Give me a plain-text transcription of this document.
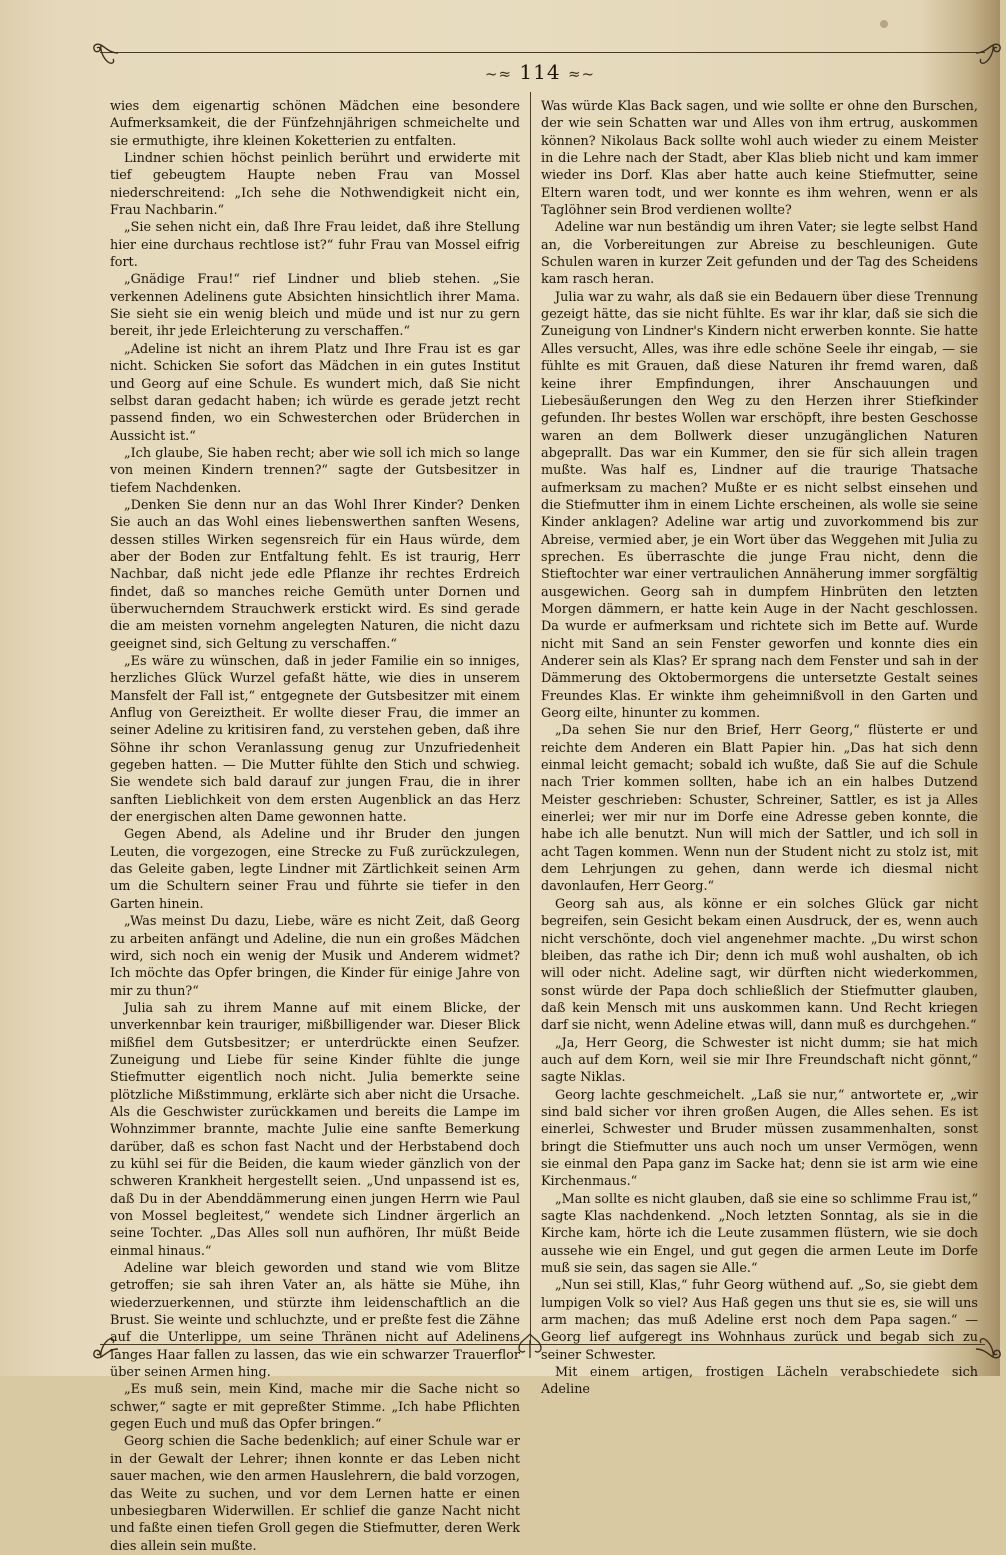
~≈ 114 ≈~

wies dem eigenartig schönen Mädchen eine besondere Aufmerksamkeit, die der Fünfzehnjährigen schmeichelte und sie ermuthigte, ihre kleinen Koketterien zu entfalten.

Lindner schien höchst peinlich berührt und erwiderte mit tief gebeugtem Haupte neben Frau van Mossel niederschreitend: „Ich sehe die Nothwendigkeit nicht ein, Frau Nachbarin.“

„Sie sehen nicht ein, daß Ihre Frau leidet, daß ihre Stellung hier eine durchaus rechtlose ist?“ fuhr Frau van Mossel eifrig fort.

„Gnädige Frau!“ rief Lindner und blieb stehen. „Sie verkennen Adelinens gute Absichten hinsichtlich ihrer Mama. Sie sieht sie ein wenig bleich und müde und ist nur zu gern bereit, ihr jede Erleichterung zu verschaffen.“

„Adeline ist nicht an ihrem Platz und Ihre Frau ist es gar nicht. Schicken Sie sofort das Mädchen in ein gutes Institut und Georg auf eine Schule. Es wundert mich, daß Sie nicht selbst daran gedacht haben; ich würde es gerade jetzt recht passend finden, wo ein Schwesterchen oder Brüderchen in Aussicht ist.“

„Ich glaube, Sie haben recht; aber wie soll ich mich so lange von meinen Kindern trennen?“ sagte der Gutsbesitzer in tiefem Nachdenken.

„Denken Sie denn nur an das Wohl Ihrer Kinder? Denken Sie auch an das Wohl eines liebenswerthen sanften Wesens, dessen stilles Wirken segensreich für ein Haus würde, dem aber der Boden zur Entfaltung fehlt. Es ist traurig, Herr Nachbar, daß nicht jede edle Pflanze ihr rechtes Erdreich findet, daß so manches reiche Gemüth unter Dornen und überwucherndem Strauchwerk erstickt wird. Es sind gerade die am meisten vornehm angelegten Naturen, die nicht dazu geeignet sind, sich Geltung zu verschaffen.“

„Es wäre zu wünschen, daß in jeder Familie ein so inniges, herzliches Glück Wurzel gefaßt hätte, wie dies in unserem Mansfelt der Fall ist,“ entgegnete der Gutsbesitzer mit einem Anflug von Gereiztheit. Er wollte dieser Frau, die immer an seiner Adeline zu kritisiren fand, zu verstehen geben, daß ihre Söhne ihr schon Veranlassung genug zur Unzufriedenheit gegeben hatten. — Die Mutter fühlte den Stich und schwieg. Sie wendete sich bald darauf zur jungen Frau, die in ihrer sanften Lieblichkeit von dem ersten Augenblick an das Herz der energischen alten Dame gewonnen hatte.

Gegen Abend, als Adeline und ihr Bruder den jungen Leuten, die vorgezogen, eine Strecke zu Fuß zurückzulegen, das Geleite gaben, legte Lindner mit Zärtlichkeit seinen Arm um die Schultern seiner Frau und führte sie tiefer in den Garten hinein.

„Was meinst Du dazu, Liebe, wäre es nicht Zeit, daß Georg zu arbeiten anfängt und Adeline, die nun ein großes Mädchen wird, sich noch ein wenig der Musik und Anderem widmet? Ich möchte das Opfer bringen, die Kinder für einige Jahre von mir zu thun?“

Julia sah zu ihrem Manne auf mit einem Blicke, der unverkennbar kein trauriger, mißbilligender war. Dieser Blick mißfiel dem Gutsbesitzer; er unterdrückte einen Seufzer. Zuneigung und Liebe für seine Kinder fühlte die junge Stiefmutter eigentlich noch nicht. Julia bemerkte seine plötzliche Mißstimmung, erklärte sich aber nicht die Ursache. Als die Geschwister zurückkamen und bereits die Lampe im Wohnzimmer brannte, machte Julie eine sanfte Bemerkung darüber, daß es schon fast Nacht und der Herbstabend doch zu kühl sei für die Beiden, die kaum wieder gänzlich von der schweren Krankheit hergestellt seien. „Und unpassend ist es, daß Du in der Abenddämmerung einen jungen Herrn wie Paul von Mossel begleitest,“ wendete sich Lindner ärgerlich an seine Tochter. „Das Alles soll nun aufhören, Ihr müßt Beide einmal hinaus.“

Adeline war bleich geworden und stand wie vom Blitze getroffen; sie sah ihren Vater an, als hätte sie Mühe, ihn wiederzuerkennen, und stürzte ihm leidenschaftlich an die Brust. Sie weinte und schluchzte, und er preßte fest die Zähne auf die Unterlippe, um seine Thränen nicht auf Adelinens langes Haar fallen zu lassen, das wie ein schwarzer Trauerflor über seinen Armen hing.

„Es muß sein, mein Kind, mache mir die Sache nicht so schwer,“ sagte er mit gepreßter Stimme. „Ich habe Pflichten gegen Euch und muß das Opfer bringen.“

Georg schien die Sache bedenklich; auf einer Schule war er in der Gewalt der Lehrer; ihnen konnte er das Leben nicht sauer machen, wie den armen Hauslehrern, die bald vorzogen, das Weite zu suchen, und vor dem Lernen hatte er einen unbesiegbaren Widerwillen. Er schlief die ganze Nacht nicht und faßte einen tiefen Groll gegen die Stiefmutter, deren Werk dies allein sein mußte.

Was würde Klas Back sagen, und wie sollte er ohne den Burschen, der wie sein Schatten war und Alles von ihm ertrug, auskommen können? Nikolaus Back sollte wohl auch wieder zu einem Meister in die Lehre nach der Stadt, aber Klas blieb nicht und kam immer wieder ins Dorf. Klas aber hatte auch keine Stiefmutter, seine Eltern waren todt, und wer konnte es ihm wehren, wenn er als Taglöhner sein Brod verdienen wollte?

Adeline war nun beständig um ihren Vater; sie legte selbst Hand an, die Vorbereitungen zur Abreise zu beschleunigen. Gute Schulen waren in kurzer Zeit gefunden und der Tag des Scheidens kam rasch heran.

Julia war zu wahr, als daß sie ein Bedauern über diese Trennung gezeigt hätte, das sie nicht fühlte. Es war ihr klar, daß sie sich die Zuneigung von Lindner's Kindern nicht erwerben konnte. Sie hatte Alles versucht, Alles, was ihre edle schöne Seele ihr eingab, — sie fühlte es mit Grauen, daß diese Naturen ihr fremd waren, daß keine ihrer Empfindungen, ihrer Anschauungen und Liebesäußerungen den Weg zu den Herzen ihrer Stiefkinder gefunden. Ihr bestes Wollen war erschöpft, ihre besten Geschosse waren an dem Bollwerk dieser unzugänglichen Naturen abgeprallt. Das war ein Kummer, den sie für sich allein tragen mußte. Was half es, Lindner auf die traurige Thatsache aufmerksam zu machen? Mußte er es nicht selbst einsehen und die Stiefmutter ihm in einem Lichte erscheinen, als wolle sie seine Kinder anklagen? Adeline war artig und zuvorkommend bis zur Abreise, vermied aber, je ein Wort über das Weggehen mit Julia zu sprechen. Es überraschte die junge Frau nicht, denn die Stieftochter war einer vertraulichen Annäherung immer sorgfältig ausgewichen. Georg sah in dumpfem Hinbrüten den letzten Morgen dämmern, er hatte kein Auge in der Nacht geschlossen. Da wurde er aufmerksam und richtete sich im Bette auf. Wurde nicht mit Sand an sein Fenster geworfen und konnte dies ein Anderer sein als Klas? Er sprang nach dem Fenster und sah in der Dämmerung des Oktobermorgens die untersetzte Gestalt seines Freundes Klas. Er winkte ihm geheimnißvoll in den Garten und Georg eilte, hinunter zu kommen.

„Da sehen Sie nur den Brief, Herr Georg,“ flüsterte er und reichte dem Anderen ein Blatt Papier hin. „Das hat sich denn einmal leicht gemacht; sobald ich wußte, daß Sie auf die Schule nach Trier kommen sollten, habe ich an ein halbes Dutzend Meister geschrieben: Schuster, Schreiner, Sattler, es ist ja Alles einerlei; wer mir nur im Dorfe eine Adresse geben konnte, die habe ich alle benutzt. Nun will mich der Sattler, und ich soll in acht Tagen kommen. Wenn nun der Student nicht zu stolz ist, mit dem Lehrjungen zu gehen, dann werde ich diesmal nicht davonlaufen, Herr Georg.“

Georg sah aus, als könne er ein solches Glück gar nicht begreifen, sein Gesicht bekam einen Ausdruck, der es, wenn auch nicht verschönte, doch viel angenehmer machte. „Du wirst schon bleiben, das rathe ich Dir; denn ich muß wohl aushalten, ob ich will oder nicht. Adeline sagt, wir dürften nicht wiederkommen, sonst würde der Papa doch schließlich der Stiefmutter glauben, daß kein Mensch mit uns auskommen kann. Und Recht kriegen darf sie nicht, wenn Adeline etwas will, dann muß es durchgehen.“

„Ja, Herr Georg, die Schwester ist nicht dumm; sie hat mich auch auf dem Korn, weil sie mir Ihre Freundschaft nicht gönnt,“ sagte Niklas.

Georg lachte geschmeichelt. „Laß sie nur,“ antwortete er, „wir sind bald sicher vor ihren großen Augen, die Alles sehen. Es ist einerlei, Schwester und Bruder müssen zusammenhalten, sonst bringt die Stiefmutter uns auch noch um unser Vermögen, wenn sie einmal den Papa ganz im Sacke hat; denn sie ist arm wie eine Kirchenmaus.“

„Man sollte es nicht glauben, daß sie eine so schlimme Frau ist,“ sagte Klas nachdenkend. „Noch letzten Sonntag, als sie in die Kirche kam, hörte ich die Leute zusammen flüstern, wie sie doch aussehe wie ein Engel, und gut gegen die armen Leute im Dorfe muß sie sein, das sagen sie Alle.“

„Nun sei still, Klas,“ fuhr Georg wüthend auf. „So, sie giebt dem lumpigen Volk so viel? Aus Haß gegen uns thut sie es, sie will uns arm machen; das muß Adeline erst noch dem Papa sagen.“ — Georg lief aufgeregt ins Wohnhaus zurück und begab sich zu seiner Schwester.

Mit einem artigen, frostigen Lächeln verabschiedete sich Adeline
